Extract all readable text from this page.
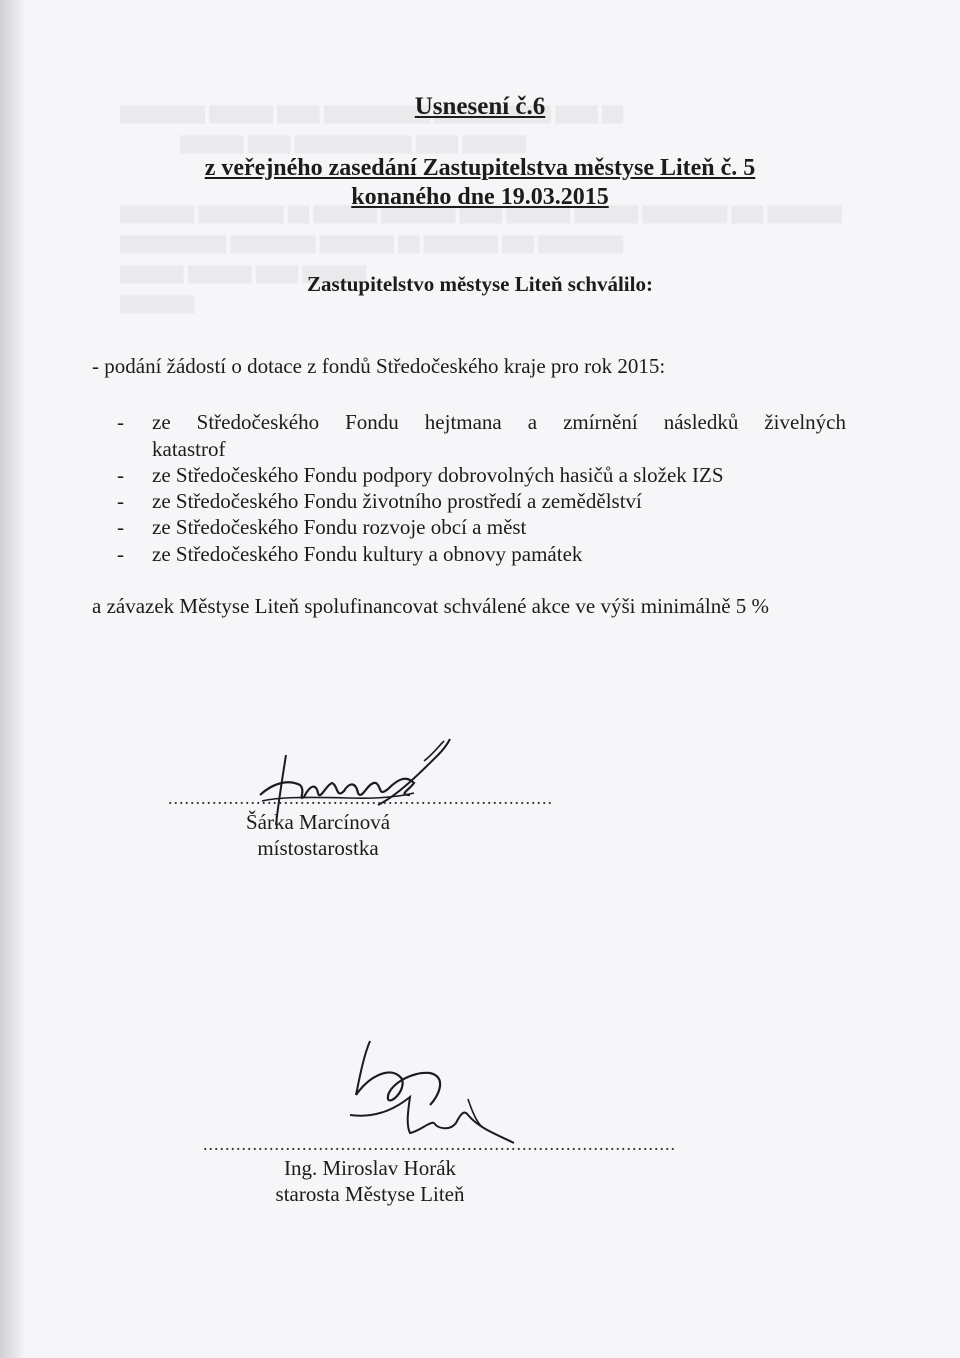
Usnesení č.6
z veřejného zasedání Zastupitelstva městyse Liteň č. 5
konaného dne 19.03.2015
Zastupitelstvo městyse Liteň schválilo:
- podání žádostí o dotace z fondů Středočeského kraje pro rok 2015:
- ze Středočeského Fondu hejtmana a zmírnění následků živelných
katastrof
- ze Středočeského Fondu podpory dobrovolných hasičů a složek IZS
- ze Středočeského Fondu životního prostředí a zemědělství
- ze Středočeského Fondu rozvoje obcí a měst
- ze Středočeského Fondu kultury a obnovy památek
a závazek Městyse Liteň spolufinancovat schválené akce ve výši minimálně 5 %
......................................................................
Šárka Marcínová
místostarostka
......................................................................................
Ing. Miroslav Horák
starosta Městyse Liteň
